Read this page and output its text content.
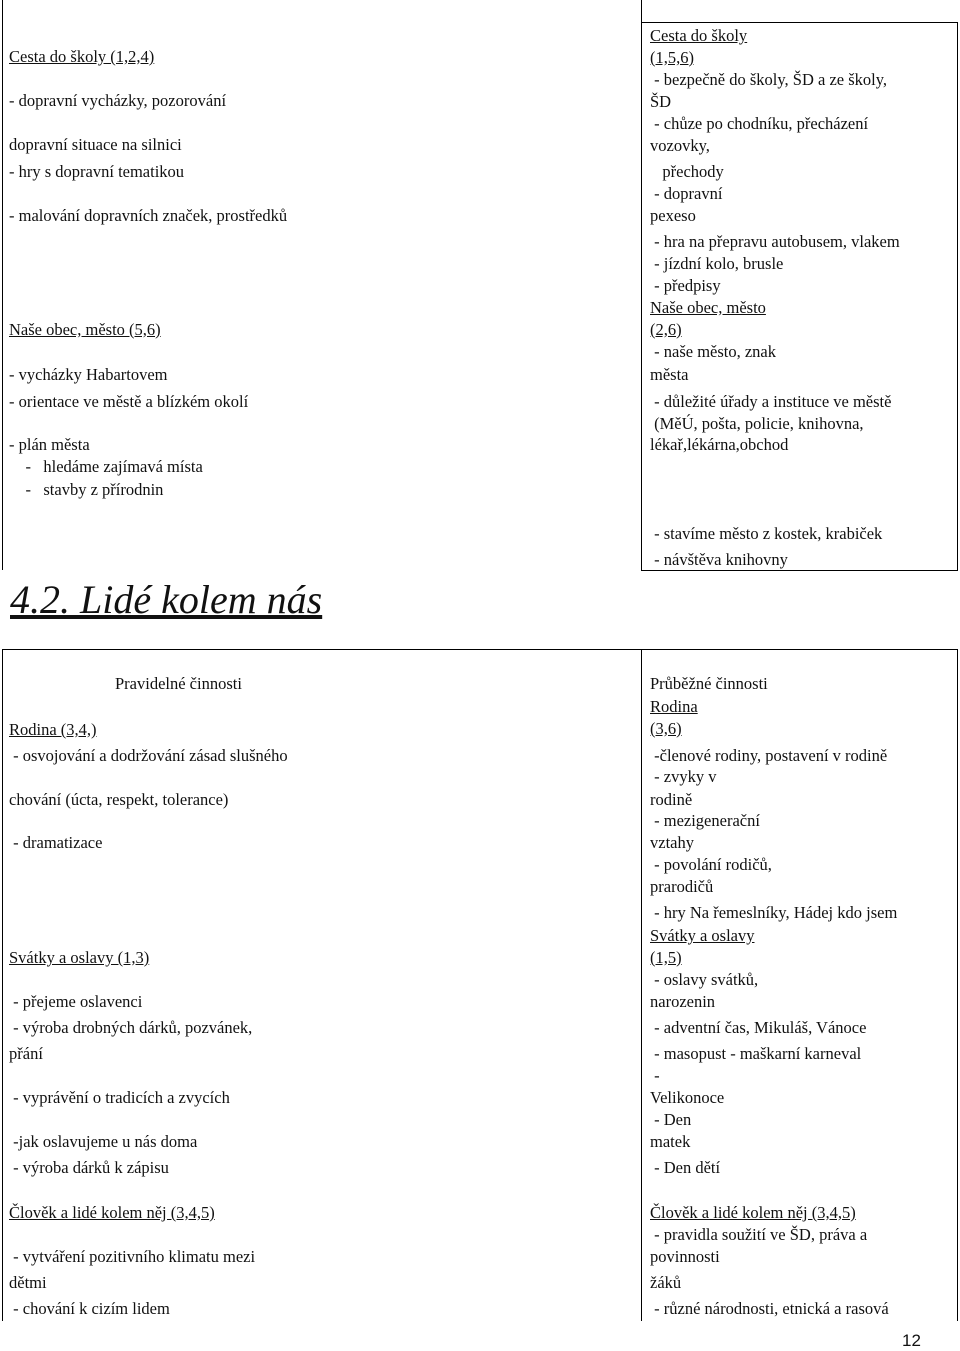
Cesta do školy (1,2,4)
- dopravní vycházky, pozorování
dopravní situace na silnici
- hry s dopravní tematikou
- malování dopravních značek, prostředků
Naše obec, město (5,6)
- vycházky Habartovem
- orientace ve městě a blízkém okolí
- plán města
-   hledáme zajímavá místa
-   stavby z přírodnin
Cesta do školy
(1,5,6)
- bezpečně do školy, ŠD a ze školy,
ŠD
- chůze po chodníku, přecházení
vozovky,
přechody
- dopravní
pexeso
- hra na přepravu autobusem, vlakem
- jízdní kolo, brusle
- předpisy
Naše obec, město
(2,6)
- naše město, znak
města
- důležité úřady a instituce ve městě
(MěÚ, pošta, policie, knihovna,
lékař,lékárna,obchod
- stavíme město z kostek, krabiček
- návštěva knihovny
4.2. Lidé kolem nás
Pravidelné činnosti
Rodina (3,4,)
- osvojování a dodržování zásad slušného
chování (úcta, respekt, tolerance)
- dramatizace
Svátky a oslavy (1,3)
- přejeme oslavenci
- výroba drobných dárků, pozvánek,
přání
- vyprávění o tradicích a zvycích
-jak oslavujeme u nás doma
- výroba dárků k zápisu
Člověk a lidé kolem něj (3,4,5)
- vytváření pozitivního klimatu mezi
dětmi
- chování k cizím lidem
Průběžné činnosti
Rodina
(3,6)
-členové rodiny, postavení v rodině
- zvyky v
rodině
- mezigenerační
vztahy
- povolání rodičů,
prarodičů
- hry Na řemeslníky, Hádej kdo jsem
Svátky a oslavy
(1,5)
- oslavy svátků,
narozenin
- adventní čas, Mikuláš, Vánoce
- masopust - maškarní karneval
-
Velikonoce
- Den
matek
- Den dětí
Člověk a lidé kolem něj (3,4,5)
- pravidla soužití ve ŠD, práva a
povinnosti
žáků
- různé národnosti, etnická a rasová
12
